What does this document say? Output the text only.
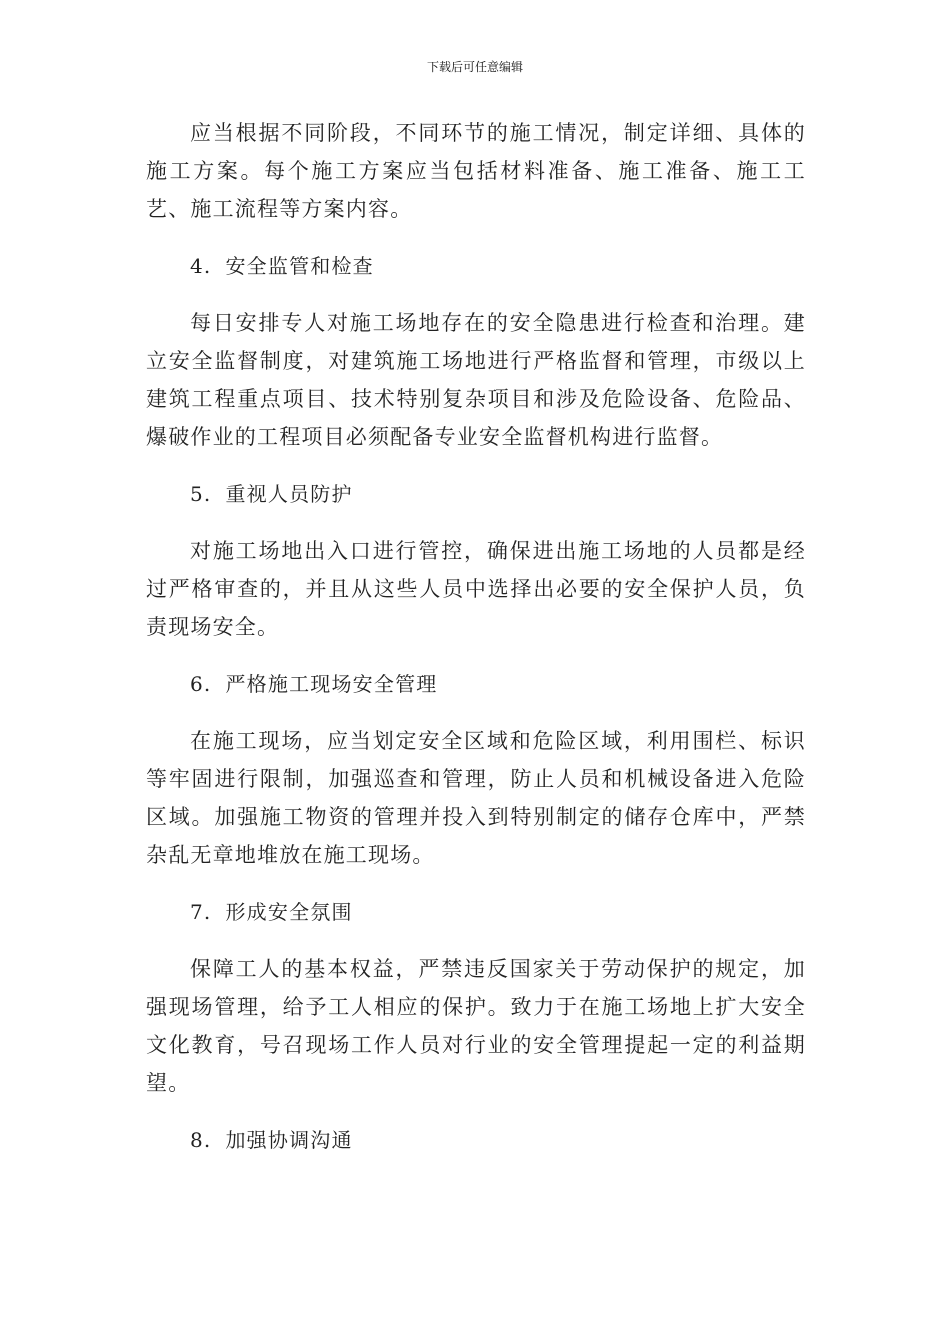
下载后可任意编辑

应当根据不同阶段，不同环节的施工情况，制定详细、具体的施工方案。每个施工方案应当包括材料准备、施工准备、施工工艺、施工流程等方案内容。

4. 安全监管和检查

每日安排专人对施工场地存在的安全隐患进行检查和治理。建立安全监督制度，对建筑施工场地进行严格监督和管理，市级以上建筑工程重点项目、技术特别复杂项目和涉及危险设备、危险品、爆破作业的工程项目必须配备专业安全监督机构进行监督。

5. 重视人员防护

对施工场地出入口进行管控，确保进出施工场地的人员都是经过严格审查的，并且从这些人员中选择出必要的安全保护人员，负责现场安全。

6. 严格施工现场安全管理

在施工现场，应当划定安全区域和危险区域，利用围栏、标识等牢固进行限制，加强巡查和管理，防止人员和机械设备进入危险区域。加强施工物资的管理并投入到特别制定的储存仓库中，严禁杂乱无章地堆放在施工现场。

7. 形成安全氛围

保障工人的基本权益，严禁违反国家关于劳动保护的规定，加强现场管理，给予工人相应的保护。致力于在施工场地上扩大安全文化教育，号召现场工作人员对行业的安全管理提起一定的利益期望。

8. 加强协调沟通
